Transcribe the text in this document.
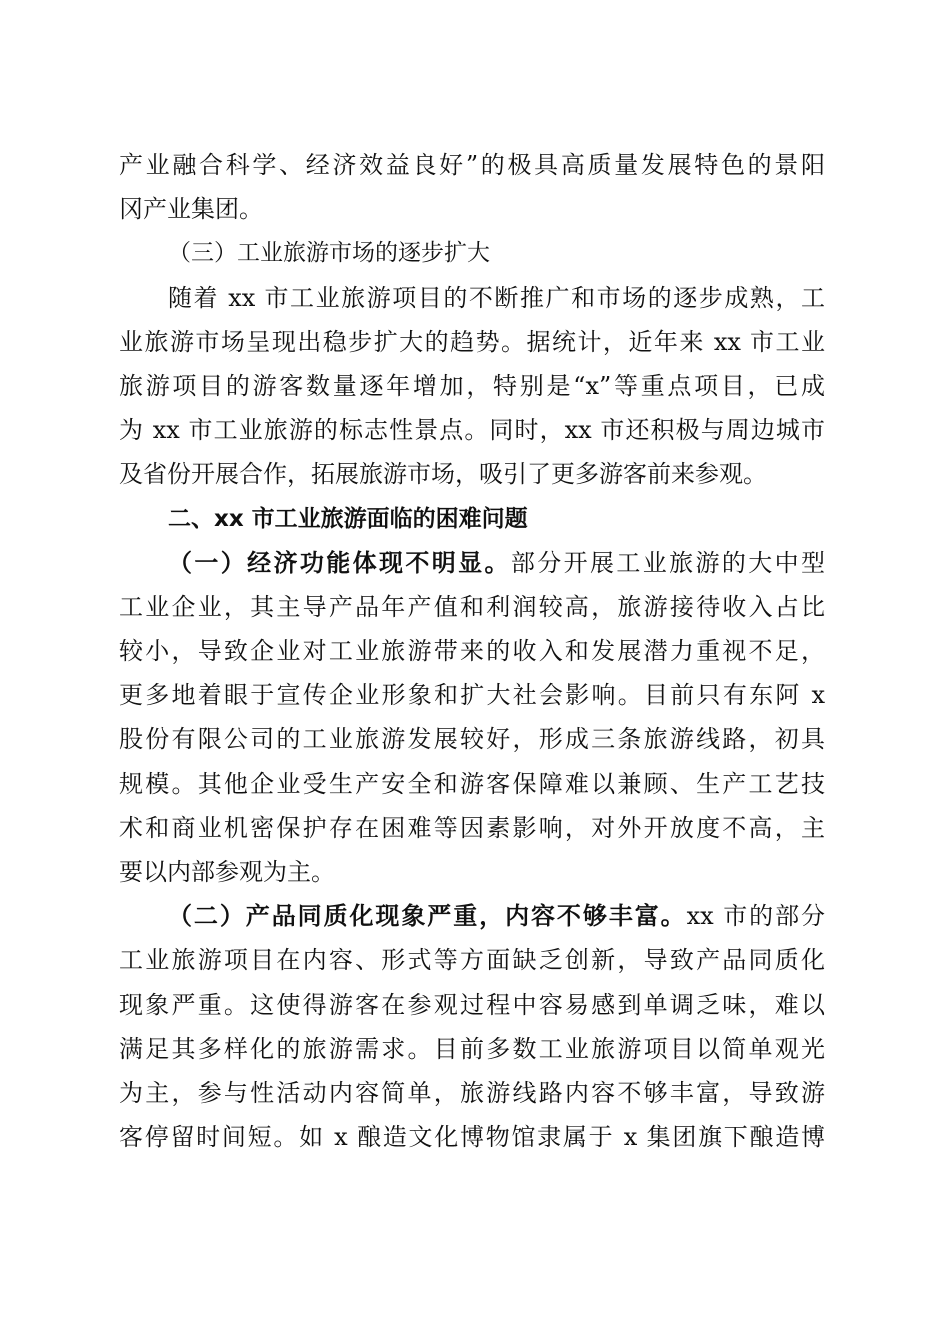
产业融合科学、经济效益良好”的极具高质量发展特色的景阳
冈产业集团。
（三）工业旅游市场的逐步扩大
随着 xx 市工业旅游项目的不断推广和市场的逐步成熟，工
业旅游市场呈现出稳步扩大的趋势。据统计，近年来 xx 市工业
旅游项目的游客数量逐年增加，特别是“x”等重点项目，已成
为 xx 市工业旅游的标志性景点。同时，xx 市还积极与周边城市
及省份开展合作，拓展旅游市场，吸引了更多游客前来参观。
二、xx 市工业旅游面临的困难问题
（一）经济功能体现不明显。部分开展工业旅游的大中型
工业企业，其主导产品年产值和利润较高，旅游接待收入占比
较小，导致企业对工业旅游带来的收入和发展潜力重视不足，
更多地着眼于宣传企业形象和扩大社会影响。目前只有东阿 x
股份有限公司的工业旅游发展较好，形成三条旅游线路，初具
规模。其他企业受生产安全和游客保障难以兼顾、生产工艺技
术和商业机密保护存在困难等因素影响，对外开放度不高，主
要以内部参观为主。
（二）产品同质化现象严重，内容不够丰富。xx 市的部分
工业旅游项目在内容、形式等方面缺乏创新，导致产品同质化
现象严重。这使得游客在参观过程中容易感到单调乏味，难以
满足其多样化的旅游需求。目前多数工业旅游项目以简单观光
为主，参与性活动内容简单，旅游线路内容不够丰富，导致游
客停留时间短。如 x 酿造文化博物馆隶属于 x 集团旗下酿造博
